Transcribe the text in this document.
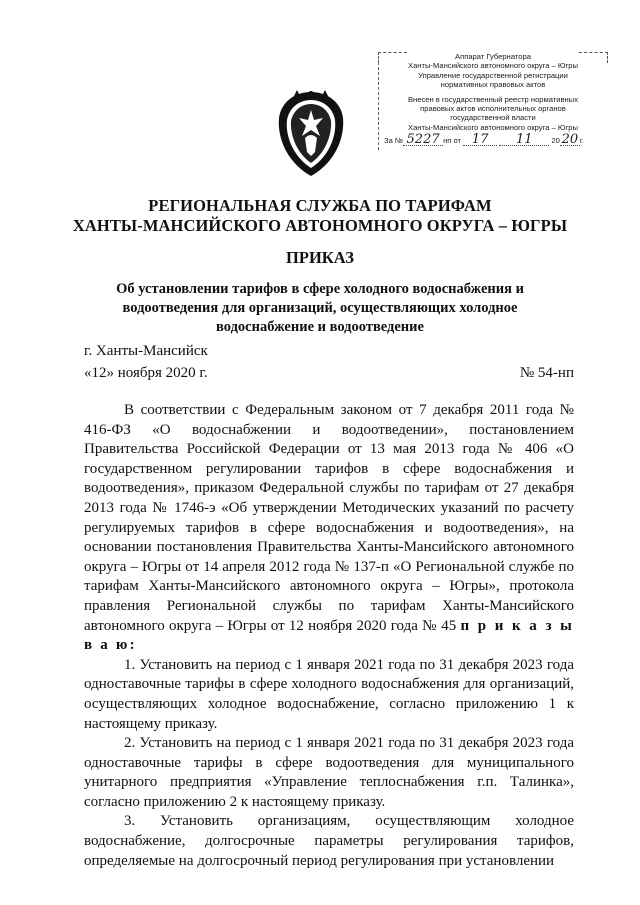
Аппарат Губернатора
Ханты-Мансийского автономного округа – Югры
Управление государственной регистрации
нормативных правовых актов
Внесен в государственный реестр нормативных
правовых актов исполнительных органов
государственной власти
Ханты-Мансийского автономного округа – Югры
За № 5227 нп от 17 11 20 20 г.
РЕГИОНАЛЬНАЯ СЛУЖБА ПО ТАРИФАМ
ХАНТЫ-МАНСИЙСКОГО АВТОНОМНОГО ОКРУГА – ЮГРЫ
ПРИКАЗ
Об установлении тарифов в сфере холодного водоснабжения и водоотведения для организаций, осуществляющих холодное водоснабжение и водоотведение
г. Ханты-Мансийск
«12» ноября 2020 г.	№ 54-нп

В соответствии с Федеральным законом от 7 декабря 2011 года № 416-ФЗ «О водоснабжении и водоотведении», постановлением Правительства Российской Федерации от 13 мая 2013 года № 406 «О государственном регулировании тарифов в сфере водоснабжения и водоотведения», приказом Федеральной службы по тарифам от 27 декабря 2013 года № 1746-э «Об утверждении Методических указаний по расчету регулируемых тарифов в сфере водоснабжения и водоотведения», на основании постановления Правительства Ханты-Мансийского автономного округа – Югры от 14 апреля 2012 года № 137-п «О Региональной службе по тарифам Ханты-Мансийского автономного округа – Югры», протокола правления Региональной службы по тарифам Ханты-Мансийского автономного округа – Югры от 12 ноября 2020 года № 45 п р и к а з ы в а ю:

1. Установить на период с 1 января 2021 года по 31 декабря 2023 года одноставочные тарифы в сфере холодного водоснабжения для организаций, осуществляющих холодное водоснабжение, согласно приложению 1 к настоящему приказу.

2. Установить на период с 1 января 2021 года по 31 декабря 2023 года одноставочные тарифы в сфере водоотведения для муниципального унитарного предприятия «Управление теплоснабжения г.п. Талинка», согласно приложению 2 к настоящему приказу.

3. Установить организациям, осуществляющим холодное водоснабжение, долгосрочные параметры регулирования тарифов, определяемые на долгосрочный период регулирования при установлении
